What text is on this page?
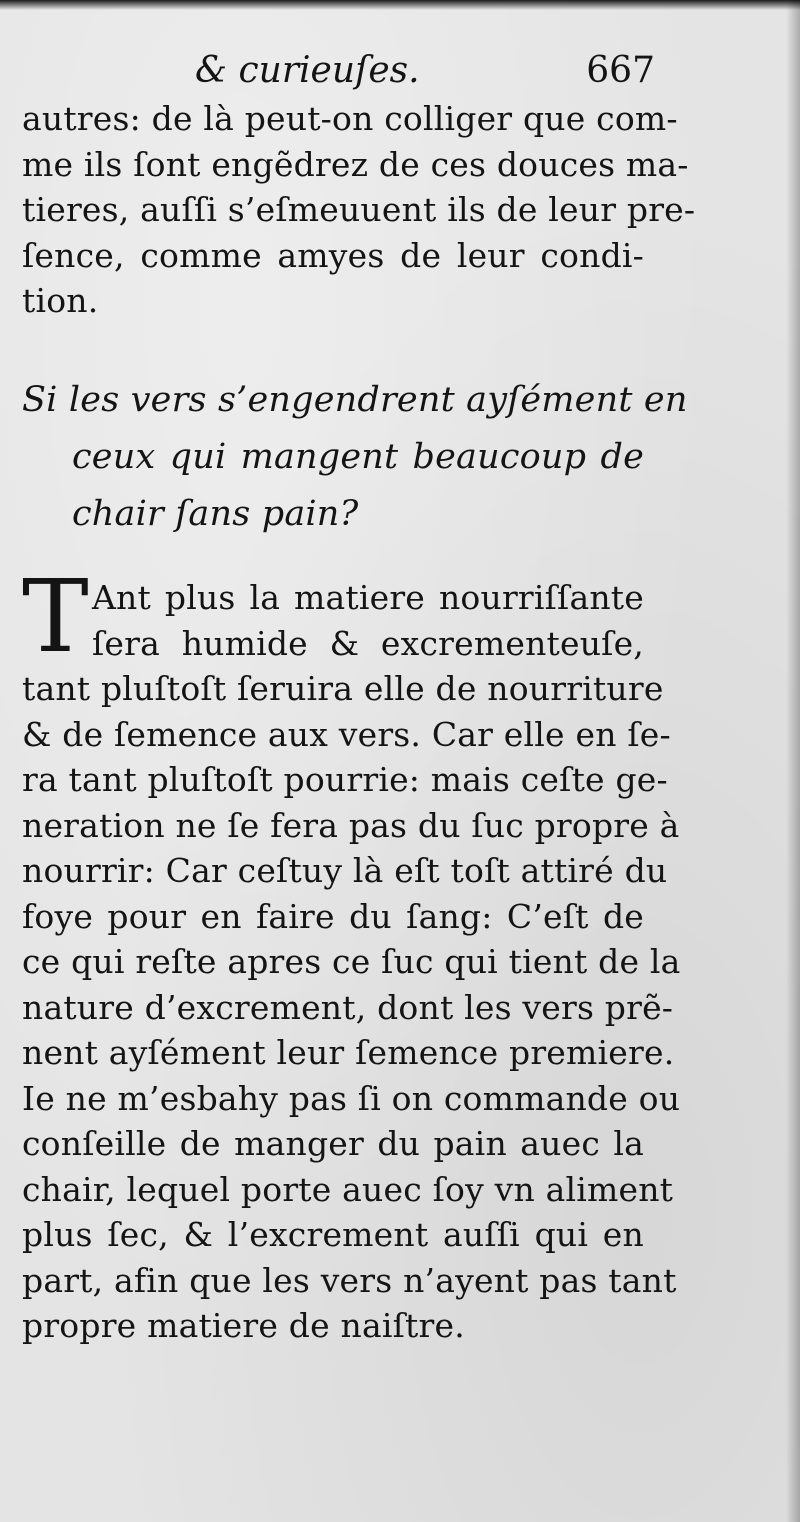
& curieuſes.	667
autres: de là peut-on colliger que com-
me ils ſont engẽdrez de ces douces ma-
tieres, auſſi s’eſmeuuent ils de leur pre-
ſence, comme amyes de leur condi-
tion.
Si les vers s’engendrent ayſément en
ceux qui mangent beaucoup de
chair ſans pain?
T Ant plus la matiere nourriſſante
ſera humide & excrementeuſe,
tant pluſtoſt ſeruira elle de nourriture
& de ſemence aux vers. Car elle en ſe-
ra tant pluſtoſt pourrie: mais ceſte ge-
neration ne ſe fera pas du ſuc propre à
nourrir: Car ceſtuy là eſt toſt attiré du
foye pour en faire du ſang: C’eſt de
ce qui reſte apres ce ſuc qui tient de la
nature d’excrement, dont les vers prẽ-
nent ayſément leur ſemence premiere.
Ie ne m’esbahy pas ſi on commande ou
conſeille de manger du pain auec la
chair, lequel porte auec ſoy vn aliment
plus ſec, & l’excrement auſſi qui en
part, afin que les vers n’ayent pas tant
propre matiere de naiſtre.
